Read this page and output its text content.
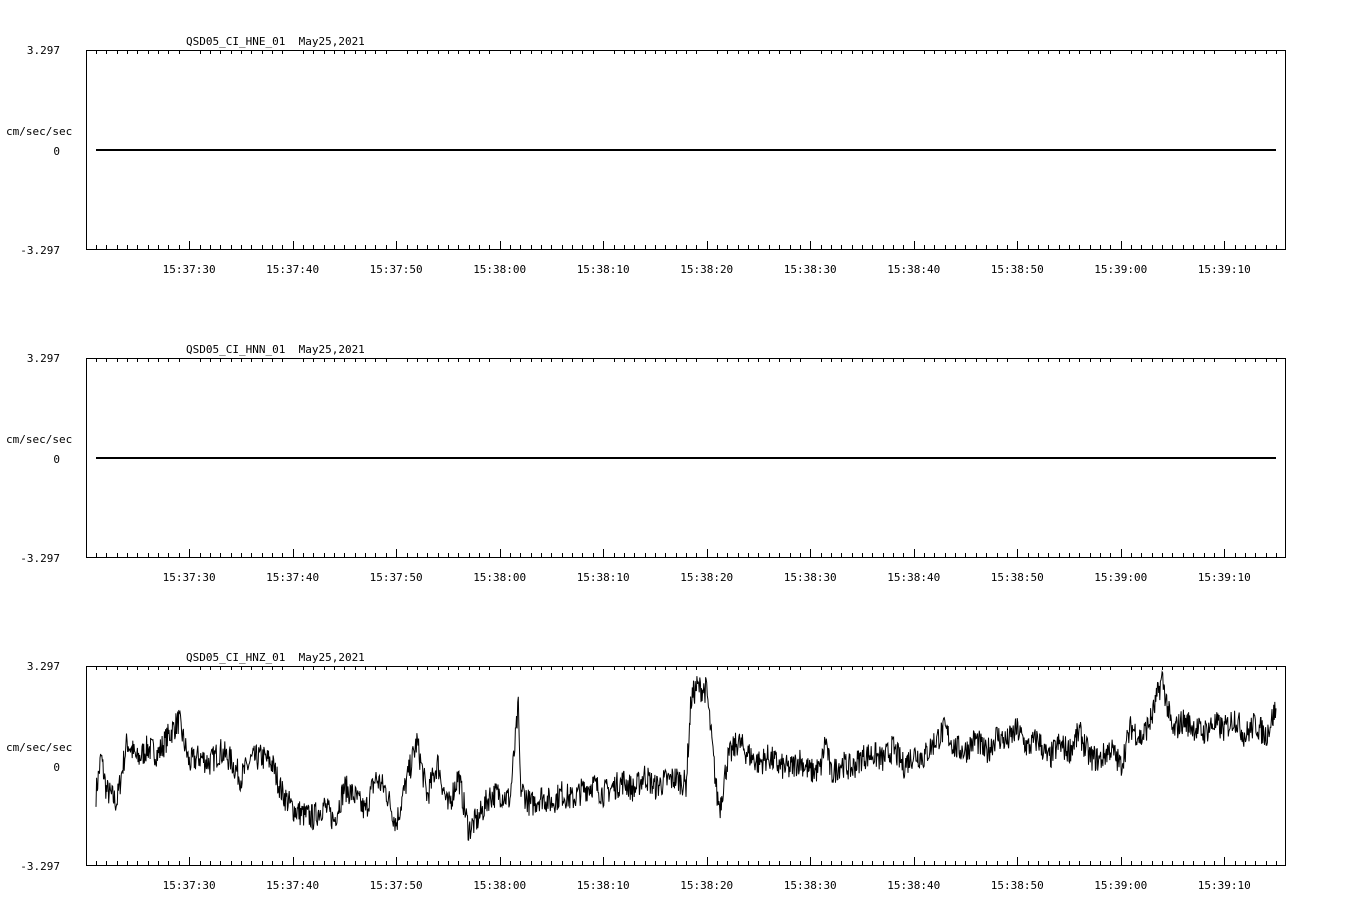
QSD05_CI_HNE_01  May25,2021
3.297
cm/sec/sec
0
-3.297
15:37:30	15:37:40	15:37:50	15:38:00	15:38:10	15:38:20	15:38:30	15:38:40	15:38:50	15:39:00	15:39:10
QSD05_CI_HNN_01  May25,2021
3.297
cm/sec/sec
0
-3.297
15:37:30	15:37:40	15:37:50	15:38:00	15:38:10	15:38:20	15:38:30	15:38:40	15:38:50	15:39:00	15:39:10
QSD05_CI_HNZ_01  May25,2021
3.297
cm/sec/sec
0
-3.297
15:37:30	15:37:40	15:37:50	15:38:00	15:38:10	15:38:20	15:38:30	15:38:40	15:38:50	15:39:00	15:39:10
